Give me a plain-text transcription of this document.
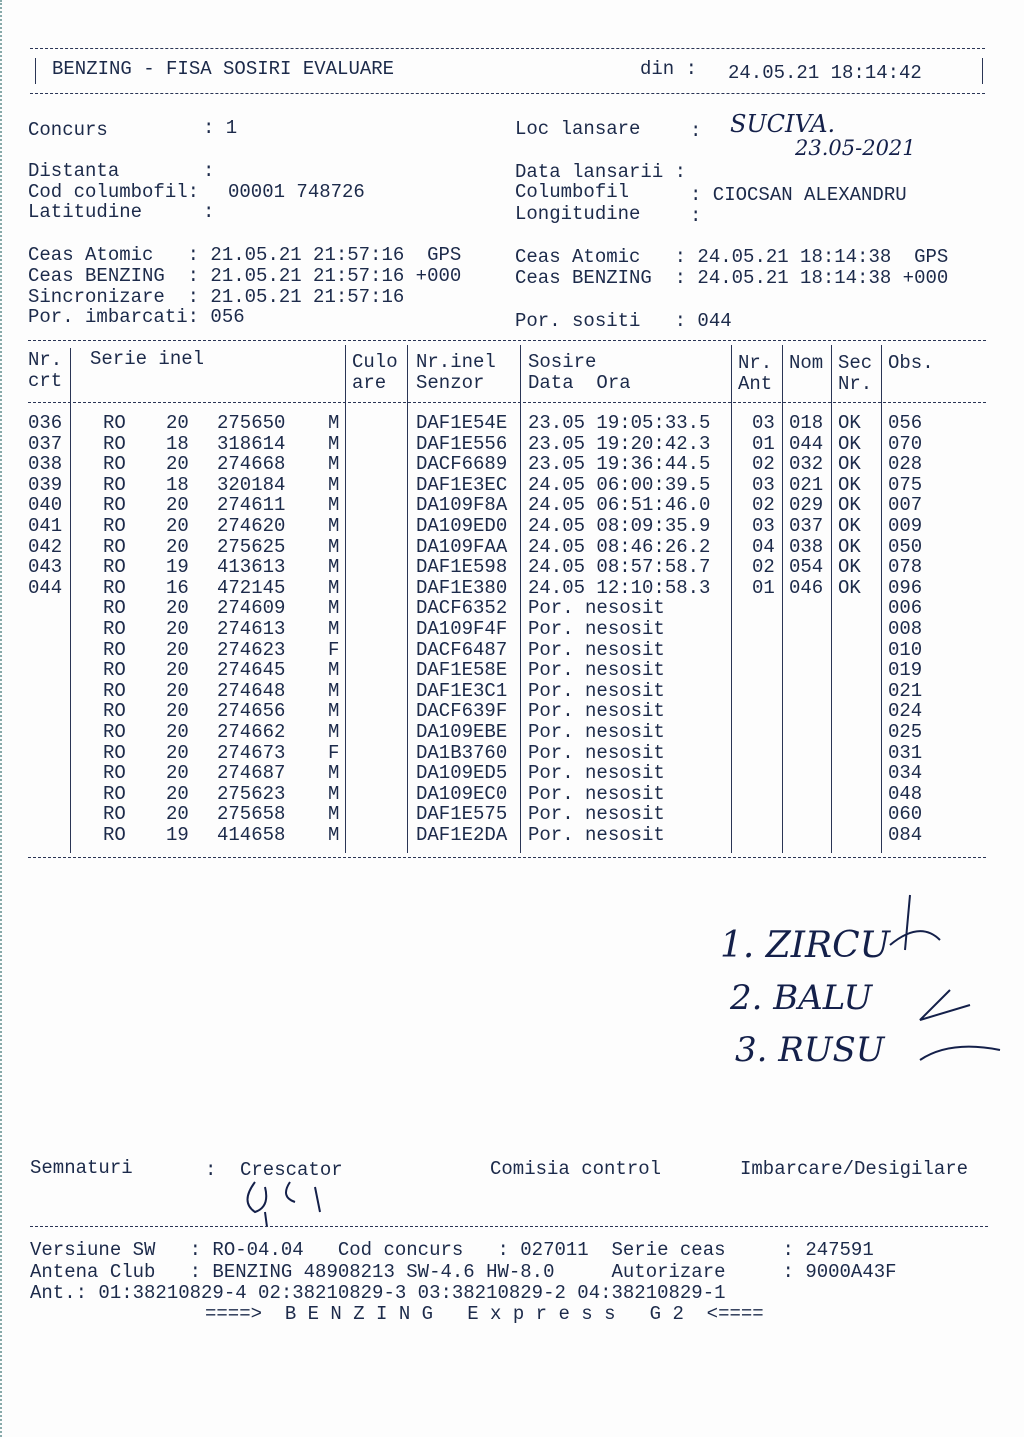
BENZING - FISA SOSIRI EVALUARE	din : 24.05.21 18:14:42
Concurs	: 1	Loc lansare	: SUCIVA.
23.05-2021
Distanta	:	Data lansarii :
Cod columbofil: 00001 748726	Columbofil	: CIOCSAN ALEXANDRU
Latitudine	:	Longitudine	:
Ceas Atomic   : 21.05.21 21:57:16  GPS
Ceas BENZING  : 21.05.21 21:57:16 +000
Sincronizare  : 21.05.21 21:57:16
Por. imbarcati: 056
Ceas Atomic   : 24.05.21 18:14:38  GPS
Ceas BENZING  : 24.05.21 18:14:38 +000
Por. sositi   : 044
Nr.
crt
Serie inel	Culo
are
Nr.inel
Senzor
Sosire
Data  Ora
Nr.
Ant
Nom Sec
Nr.
Obs.
036 RO 20 275650 M	DAF1E54E 23.05 19:05:33.5 03 018 OK 056
037 RO 18 318614 M	DAF1E556 23.05 19:20:42.3 01 044 OK 070
038 RO 20 274668 M	DACF6689 23.05 19:36:44.5 02 032 OK 028
039 RO 18 320184 M	DAF1E3EC 24.05 06:00:39.5 03 021 OK 075
040 RO 20 274611 M	DA109F8A 24.05 06:51:46.0 02 029 OK 007
041 RO 20 274620 M	DA109ED0 24.05 08:09:35.9 03 037 OK 009
042 RO 20 275625 M	DA109FAA 24.05 08:46:26.2 04 038 OK 050
043 RO 19 413613 M	DAF1E598 24.05 08:57:58.7 02 054 OK 078
044 RO 16 472145 M	DAF1E380 24.05 12:10:58.3 01 046 OK 096
RO 20 274609 M	DACF6352 Por. nesosit	006
RO 20 274613 M	DA109F4F Por. nesosit	008
RO 20 274623 F	DACF6487 Por. nesosit	010
RO 20 274645 M	DAF1E58E Por. nesosit	019
RO 20 274648 M	DAF1E3C1 Por. nesosit	021
RO 20 274656 M	DACF639F Por. nesosit	024
RO 20 274662 M	DA109EBE Por. nesosit	025
RO 20 274673 F	DA1B3760 Por. nesosit	031
RO 20 274687 M	DA109ED5 Por. nesosit	034
RO 20 275623 M	DA109EC0 Por. nesosit	048
RO 20 275658 M	DAF1E575 Por. nesosit	060
RO 19 414658 M	DAF1E2DA Por. nesosit	084
1. ZIRCU
2. BALU
3. RUSU
Semnaturi	: Crescator	Comisia control	Imbarcare/Desigilare
Versiune SW   : RO-04.04   Cod concurs   : 027011  Serie ceas     : 247591
Antena Club   : BENZING 48908213 SW-4.6 HW-8.0     Autorizare     : 9000A43F
Ant.: 01:38210829-4 02:38210829-3 03:38210829-2 04:38210829-1
====>  B E N Z I N G   E x p r e s s   G 2  <====
